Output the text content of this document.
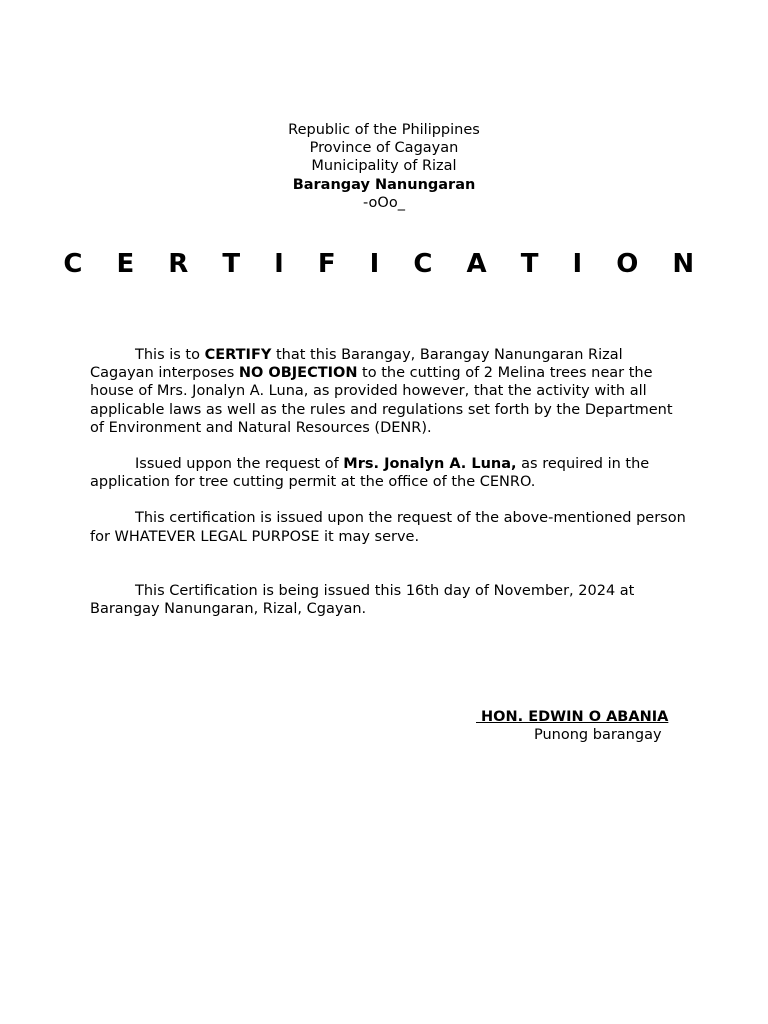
Republic of the Philippines
Province of Cagayan
Municipality of Rizal
Barangay Nanungaran
-oOo_
C E R T I F I C A T I O N

This is to CERTIFY that this Barangay, Barangay Nanungaran Rizal Cagayan interposes NO OBJECTION to the cutting of 2 Melina trees near the house of Mrs. Jonalyn A. Luna, as provided however, that the activity with all applicable laws as well as the rules and regulations set forth by the Department of Environment and Natural Resources (DENR).

Issued uppon the request of Mrs. Jonalyn A. Luna, as required in the application for tree cutting permit at the office of the CENRO.

This certification is issued upon the request of the above-mentioned person for WHATEVER LEGAL PURPOSE it may serve.

This Certification is being issued this 16th day of November, 2024 at Barangay Nanungaran, Rizal, Cgayan.

HON. EDWIN O ABANIA
Punong barangay
